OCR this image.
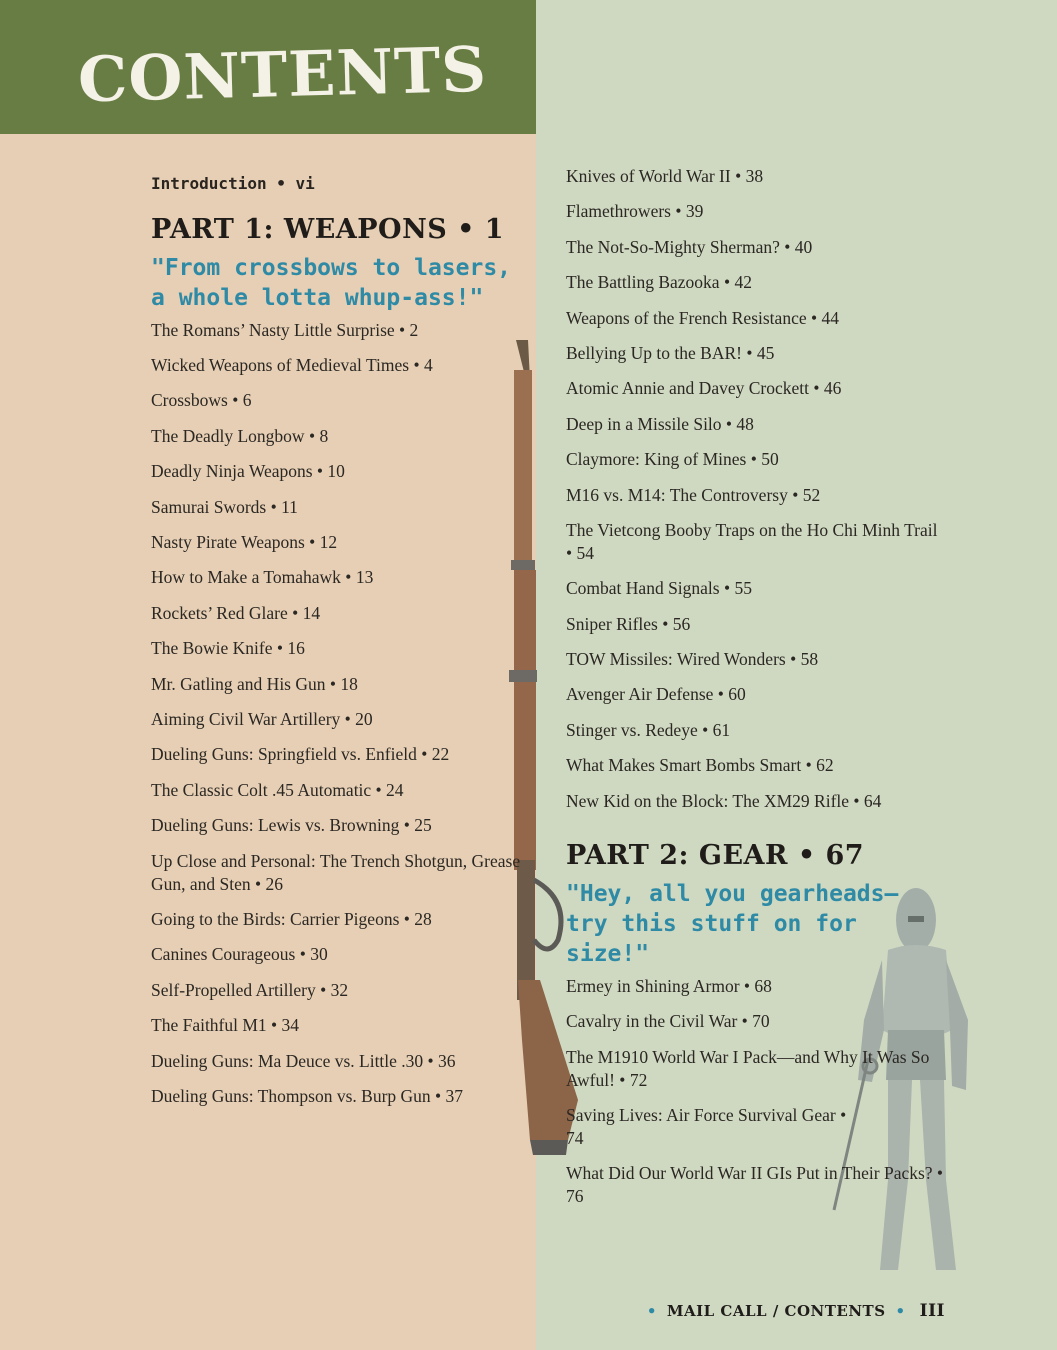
CONTENTS
Introduction • vi
PART 1: WEAPONS • 1
"From crossbows to lasers, a whole lotta whup-ass!"
The Romans’ Nasty Little Surprise • 2
Wicked Weapons of Medieval Times • 4
Crossbows • 6
The Deadly Longbow • 8
Deadly Ninja Weapons • 10
Samurai Swords • 11
Nasty Pirate Weapons • 12
How to Make a Tomahawk • 13
Rockets’ Red Glare • 14
The Bowie Knife • 16
Mr. Gatling and His Gun • 18
Aiming Civil War Artillery • 20
Dueling Guns: Springfield vs. Enfield • 22
The Classic Colt .45 Automatic • 24
Dueling Guns: Lewis vs. Browning • 25
Up Close and Personal: The Trench Shotgun, Grease Gun, and Sten • 26
Going to the Birds: Carrier Pigeons • 28
Canines Courageous • 30
Self-Propelled Artillery • 32
The Faithful M1 • 34
Dueling Guns: Ma Deuce vs. Little .30 • 36
Dueling Guns: Thompson vs. Burp Gun • 37
Knives of World War II • 38
Flamethrowers • 39
The Not-So-Mighty Sherman? • 40
The Battling Bazooka • 42
Weapons of the French Resistance • 44
Bellying Up to the BAR! • 45
Atomic Annie and Davey Crockett • 46
Deep in a Missile Silo • 48
Claymore: King of Mines • 50
M16 vs. M14: The Controversy • 52
The Vietcong Booby Traps on the Ho Chi Minh Trail • 54
Combat Hand Signals • 55
Sniper Rifles • 56
TOW Missiles: Wired Wonders • 58
Avenger Air Defense • 60
Stinger vs. Redeye • 61
What Makes Smart Bombs Smart • 62
New Kid on the Block: The XM29 Rifle • 64
PART 2: GEAR • 67
"Hey, all you gearheads—try this stuff on for size!"
Ermey in Shining Armor • 68
Cavalry in the Civil War • 70
The M1910 World War I Pack—and Why It Was So Awful! • 72
Saving Lives: Air Force Survival Gear • 74
What Did Our World War II GIs Put in Their Packs? • 76
• MAIL CALL / CONTENTS • III
